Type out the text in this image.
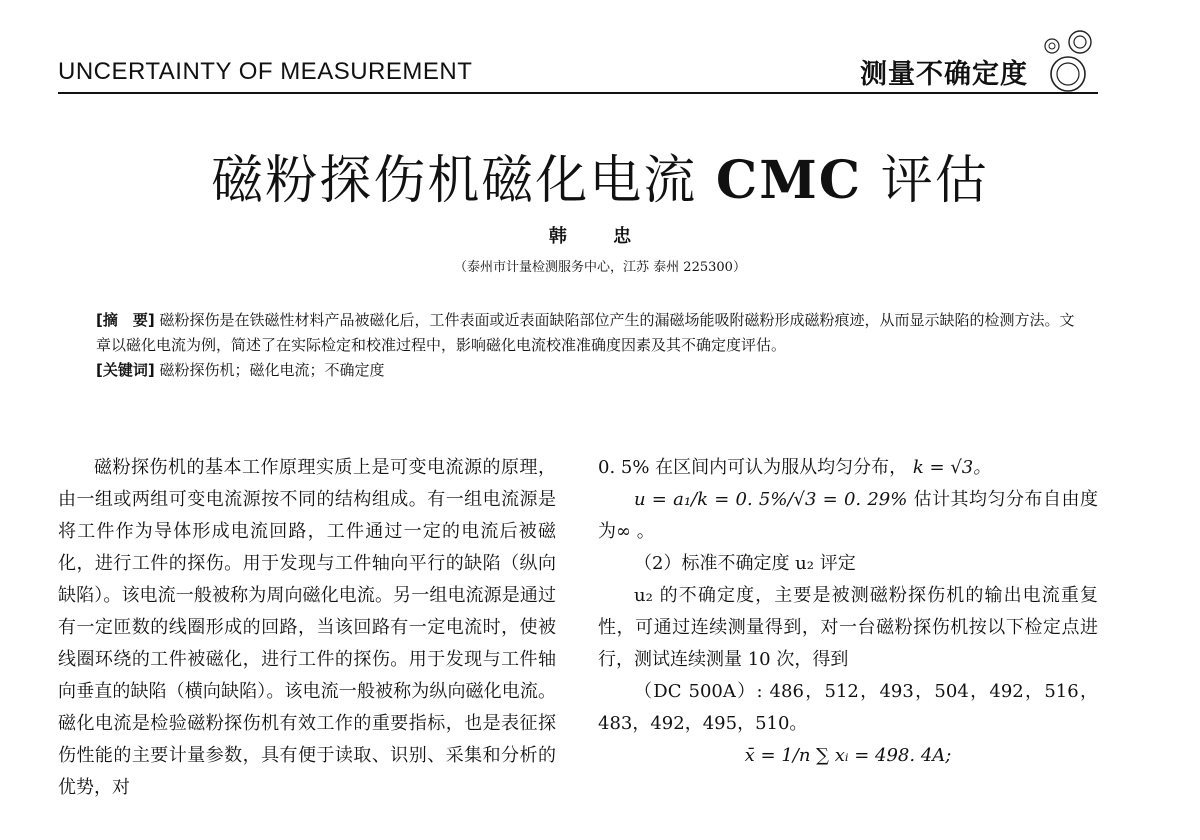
UNCERTAINTY OF MEASUREMENT	测量不确定度
磁粉探伤机磁化电流 CMC 评估
韩 忠
（泰州市计量检测服务中心，江苏 泰州 225300）
[摘　要] 磁粉探伤是在铁磁性材料产品被磁化后，工件表面或近表面缺陷部位产生的漏磁场能吸附磁粉形成磁粉痕迹，从而显示缺陷的检测方法。文章以磁化电流为例，简述了在实际检定和校准过程中，影响磁化电流校准准确度因素及其不确定度评估。
[关键词] 磁粉探伤机；磁化电流；不确定度

磁粉探伤机的基本工作原理实质上是可变电流源的原理，由一组或两组可变电流源按不同的结构组成。有一组电流源是将工件作为导体形成电流回路，工件通过一定的电流后被磁化，进行工件的探伤。用于发现与工件轴向平行的缺陷（纵向缺陷）。该电流一般被称为周向磁化电流。另一组电流源是通过有一定匝数的线圈形成的回路，当该回路有一定电流时，使被线圈环绕的工件被磁化，进行工件的探伤。用于发现与工件轴向垂直的缺陷（横向缺陷）。该电流一般被称为纵向磁化电流。磁化电流是检验磁粉探伤机有效工作的重要指标，也是表征探伤性能的主要计量参数，具有便于读取、识别、采集和分析的优势，对

0. 5% 在区间内可认为服从均匀分布， k = √3。

u = a₁/k = 0. 5%/√3 = 0. 29% 估计其均匀分布自由度为∞ 。

（2）标准不确定度 u₂ 评定

u₂ 的不确定度，主要是被测磁粉探伤机的输出电流重复性，可通过连续测量得到，对一台磁粉探伤机按以下检定点进行，测试连续测量 10 次，得到

（DC 500A）: 486，512，493，504，492，516，483，492，495，510。

x̄ = 1/n ∑ xᵢ = 498. 4A;
